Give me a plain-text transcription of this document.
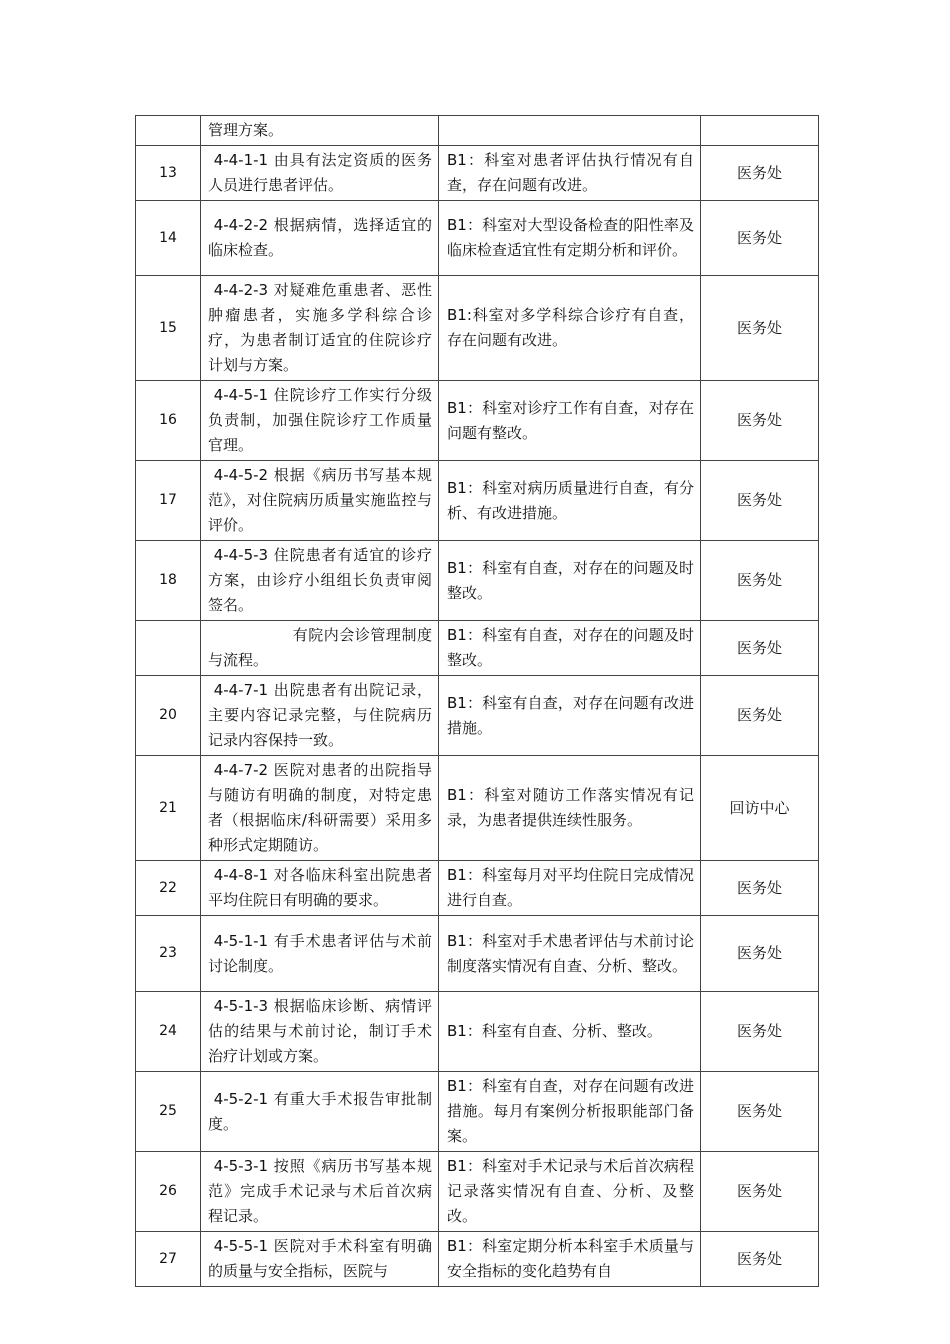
	管理方案。		
13	4-4-1-1 由具有法定资质的医务人员进行患者评估。	B1：科室对患者评估执行情况有自查，存在问题有改进。	医务处
14	4-4-2-2 根据病情，选择适宜的临床检查。	B1：科室对大型设备检查的阳性率及临床检查适宜性有定期分析和评价。	医务处
15	4-4-2-3 对疑难危重患者、恶性肿瘤患者，实施多学科综合诊疗，为患者制订适宜的住院诊疗计划与方案。	B1:科室对多学科综合诊疗有自查，存在问题有改进。	医务处
16	4-4-5-1 住院诊疗工作实行分级负责制，加强住院诊疗工作质量官理。	B1：科室对诊疗工作有自查，对存在问题有整改。	医务处
17	4-4-5-2 根据《病历书写基本规范》，对住院病历质量实施监控与评价。	B1：科室对病历质量进行自查，有分析、有改进措施。	医务处
18	4-4-5-3 住院患者有适宜的诊疗方案，由诊疗小组组长负责审阅签名。	B1：科室有自查，对存在的问题及时整改。	医务处
	有院内会诊管理制度与流程。	B1：科室有自查，对存在的问题及时整改。	医务处
20	4-4-7-1 出院患者有出院记录，主要内容记录完整，与住院病历记录内容保持一致。	B1：科室有自查，对存在问题有改进措施。	医务处
21	4-4-7-2 医院对患者的出院指导与随访有明确的制度，对特定患者（根据临床/科研需要）采用多种形式定期随访。	B1：科室对随访工作落实情况有记录，为患者提供连续性服务。	回访中心
22	4-4-8-1 对各临床科室出院患者平均住院日有明确的要求。	B1：科室每月对平均住院日完成情况进行自查。	医务处
23	4-5-1-1 有手术患者评估与术前讨论制度。	B1：科室对手术患者评估与术前讨论制度落实情况有自查、分析、整改。	医务处
24	4-5-1-3 根据临床诊断、病情评估的结果与术前讨论，制订手术治疗计划或方案。	B1：科室有自查、分析、整改。	医务处
25	4-5-2-1 有重大手术报告审批制度。	B1：科室有自查，对存在问题有改进措施。每月有案例分析报职能部门备案。	医务处
26	4-5-3-1 按照《病历书写基本规范》完成手术记录与术后首次病程记录。	B1：科室对手术记录与术后首次病程记录落实情况有自查、分析、及整改。	医务处
27	4-5-5-1 医院对手术科室有明确的质量与安全指标，医院与	B1：科室定期分析本科室手术质量与安全指标的变化趋势有自	医务处
